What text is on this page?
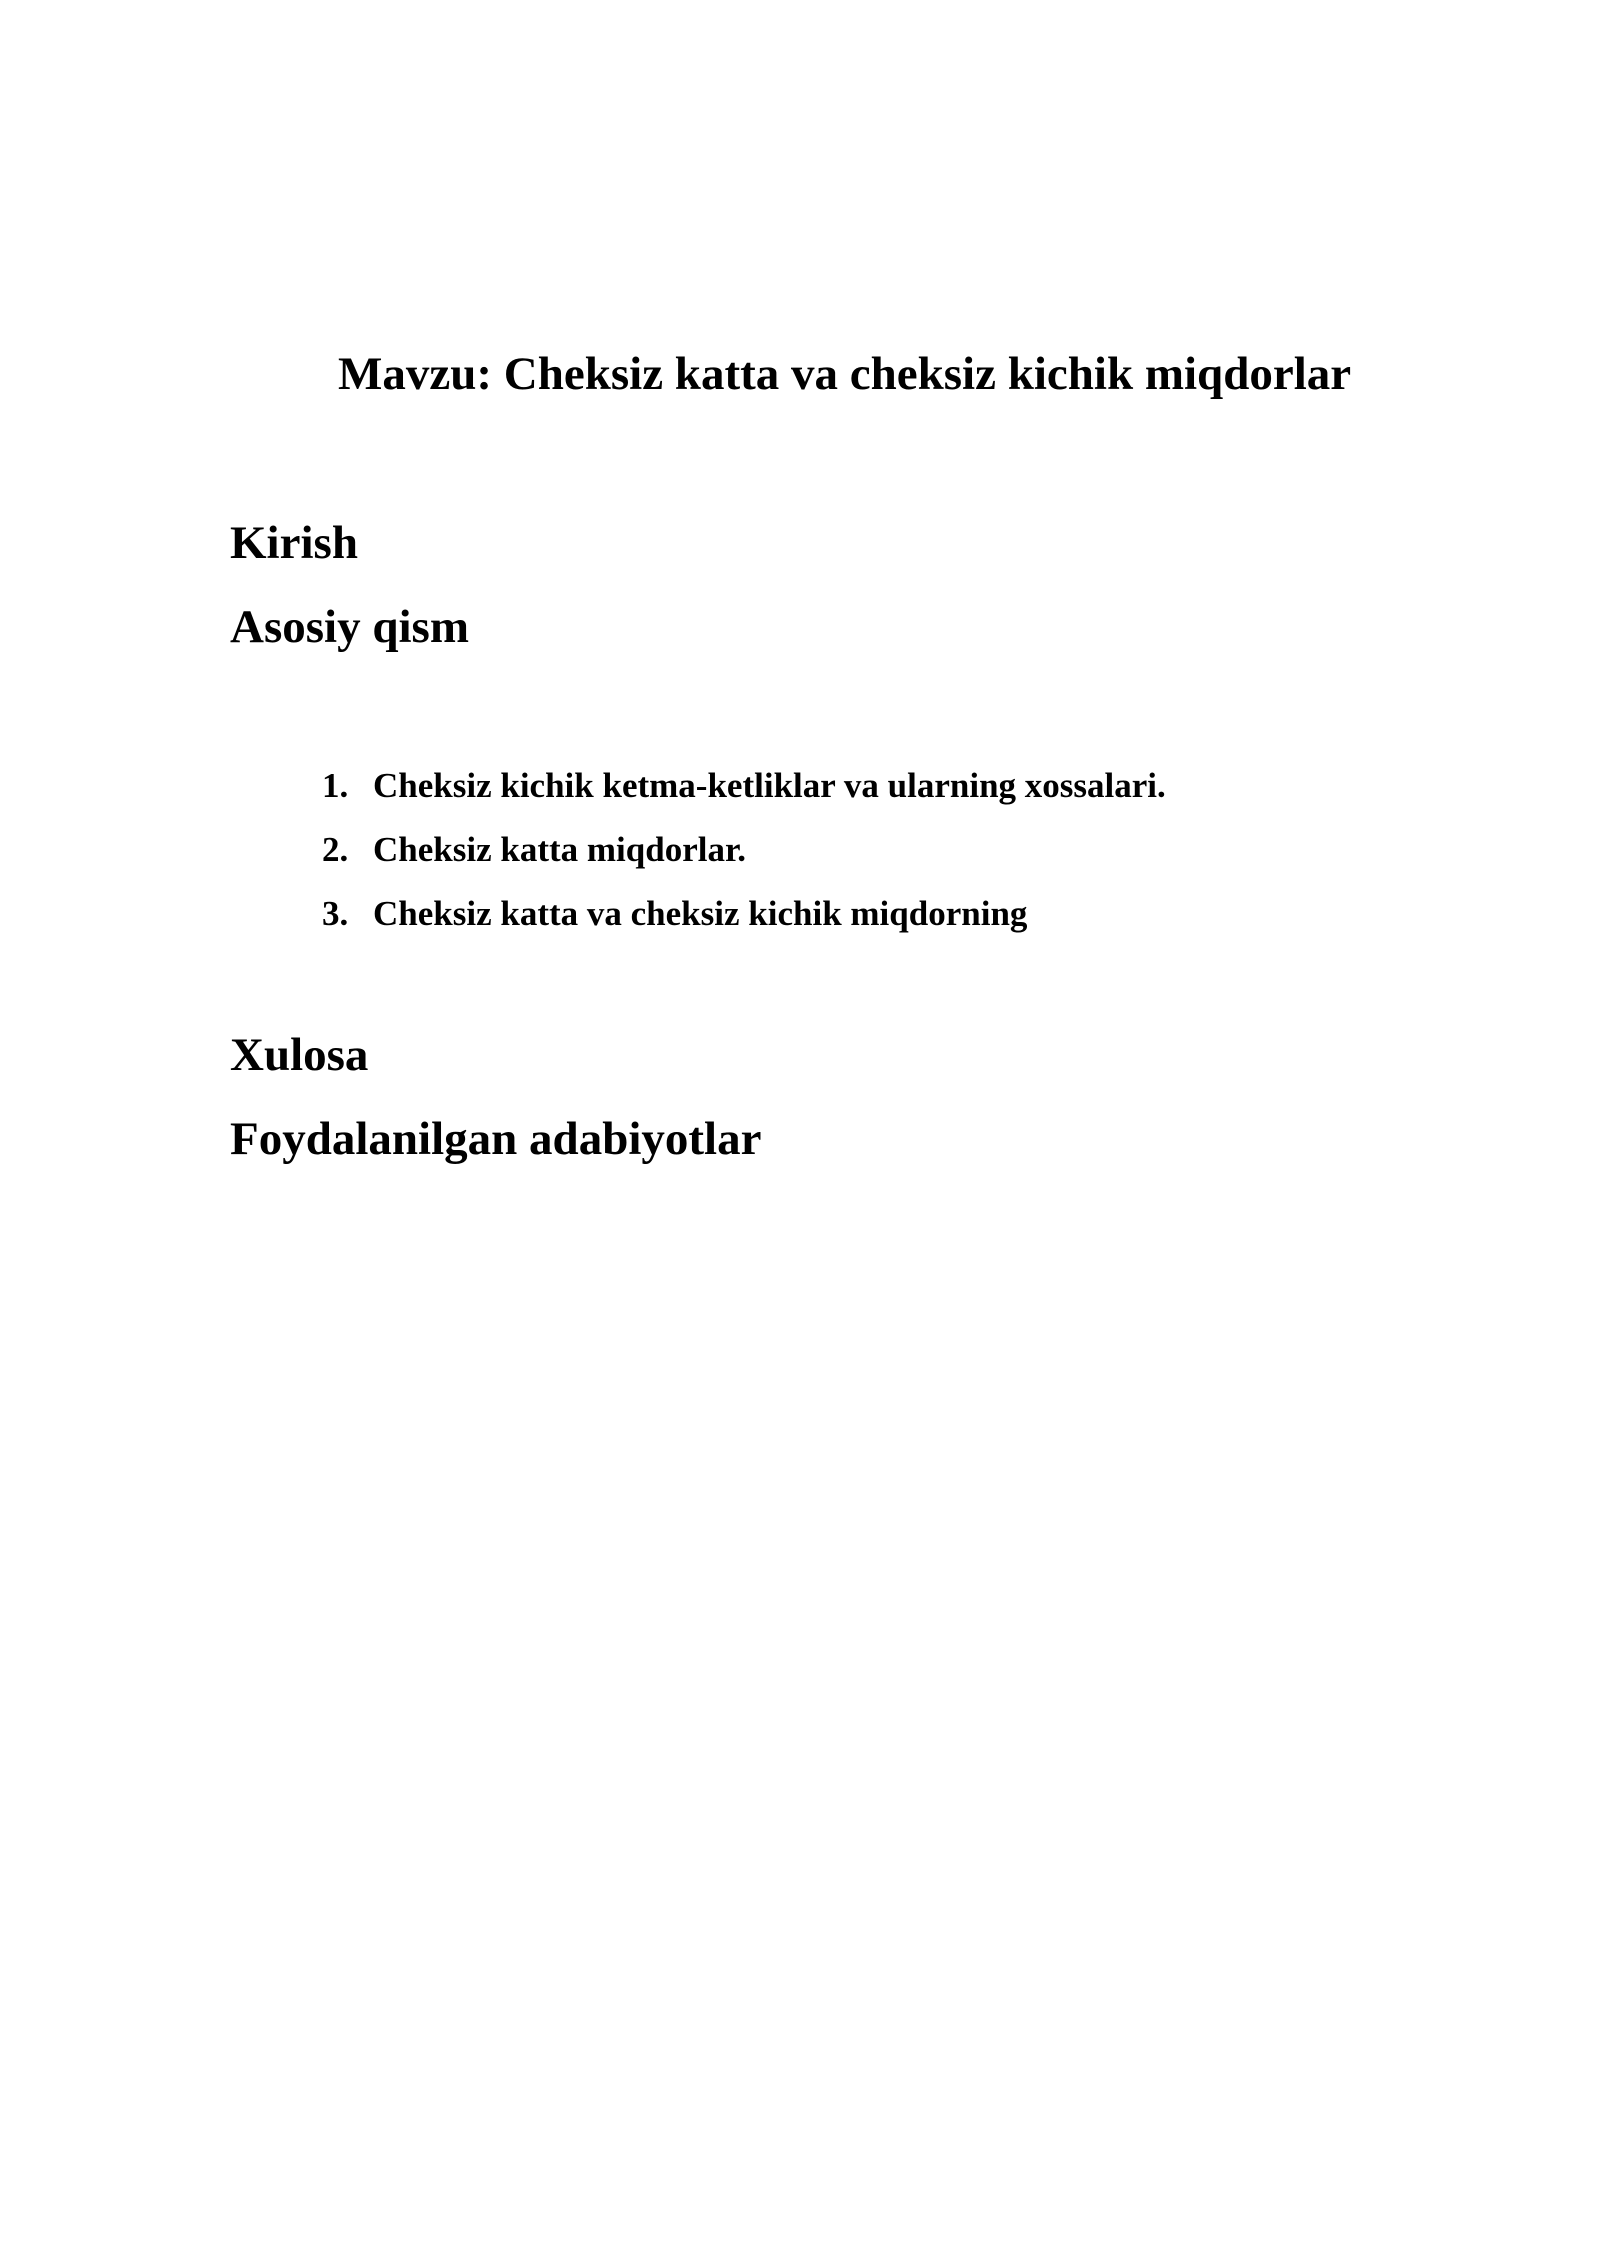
Mavzu: Cheksiz katta va cheksiz kichik miqdorlar
Kirish
Asosiy qism
1. Cheksiz kichik ketma-ketliklar va ularning xossalari.
2. Cheksiz katta miqdorlar.
3. Cheksiz katta va cheksiz kichik miqdorning
Xulosa
Foydalanilgan adabiyotlar
